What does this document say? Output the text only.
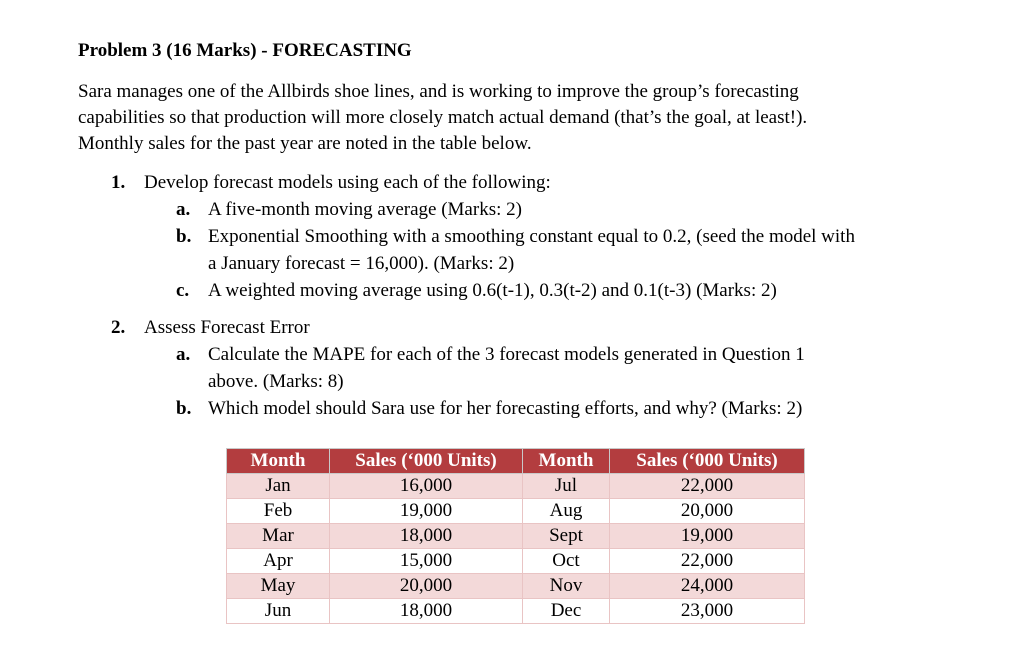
Problem 3 (16 Marks) - FORECASTING
Sara manages one of the Allbirds shoe lines, and is working to improve the group’s forecasting
capabilities so that production will more closely match actual demand (that’s the goal, at least!).
Monthly sales for the past year are noted in the table below.
1. Develop forecast models using each of the following:
a. A five-month moving average (Marks: 2)
b. Exponential Smoothing with a smoothing constant equal to 0.2, (seed the model with
a January forecast = 16,000). (Marks: 2)
c. A weighted moving average using 0.6(t-1), 0.3(t-2) and 0.1(t-3) (Marks: 2)
2. Assess Forecast Error
a. Calculate the MAPE for each of the 3 forecast models generated in Question 1
above. (Marks: 8)
b. Which model should Sara use for her forecasting efforts, and why? (Marks: 2)
Month	Sales (‘000 Units)	Month	Sales (‘000 Units)
Jan	16,000	Jul	22,000
Feb	19,000	Aug	20,000
Mar	18,000	Sept	19,000
Apr	15,000	Oct	22,000
May	20,000	Nov	24,000
Jun	18,000	Dec	23,000
